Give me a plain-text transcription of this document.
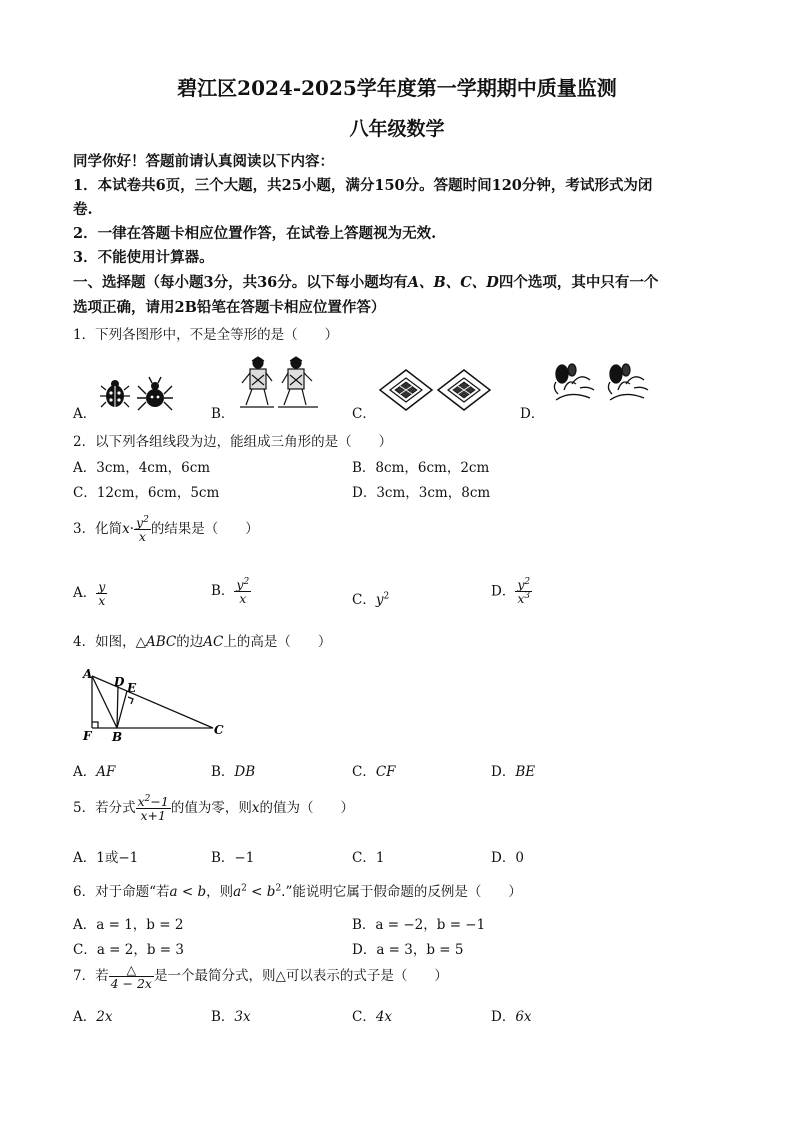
碧江区2024-2025学年度第一学期期中质量监测
八年级数学
同学你好！答题前请认真阅读以下内容：
1．本试卷共6页，三个大题，共25小题，满分150分。答题时间120分钟，考试形式为闭
卷.
2．一律在答题卡相应位置作答，在试卷上答题视为无效.
3．不能使用计算器。
一、选择题（每小题3分，共36分。以下每小题均有A、B、C、D四个选项，其中只有一个
选项正确，请用2B铅笔在答题卡相应位置作答）
1．下列各图形中，不是全等形的是（　　）
A．	B．	C．	D．
2．以下列各组线段为边，能组成三角形的是（　　）
A．3cm，4cm，6cm	B．8cm，6cm，2cm
C．12cm，6cm，5cm	D．3cm，3cm，8cm
3．化简$x\cdot \frac{y^2}{x}$ 的结果是（　　）
A． $\frac{y}{x}$	B． $\frac{y^2}{x}$	C．$y^2$	D． $\frac{y^2}{x^3}$
4．如图，△ABC的边AC上的高是（　　）
A
D E
F B	C
A．AF	B．DB	C．CF	D．BE
5．若分式 $\frac{x^2-1}{x+1}$ 的值为零，则x的值为（　　）
A．1或−1	B．−1	C．1	D．0
6．对于命题“若a < b，则$a^2 < b^2$.”能说明它属于假命题的反例是（　　）
A．a = 1，b = 2	B．a = −2，b = −1
C．a = 2，b = 3	D．a = 3，b = 5
7．若 $\frac{\triangle}{4 - 2x}$ 是一个最简分式，则△可以表示的式子是（　　）
A．2x	B．3x	C．4x	D．6x
